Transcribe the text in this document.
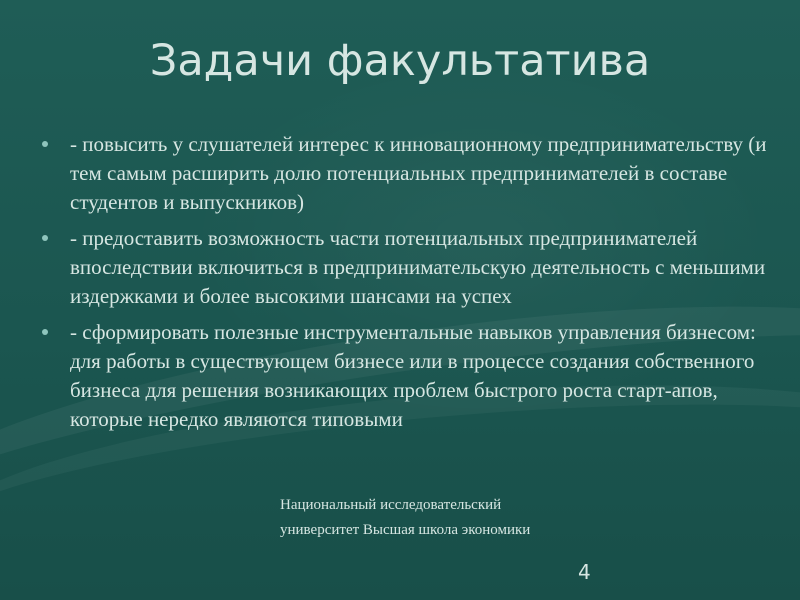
Задачи факультатива
- повысить у слушателей интерес к инновационному предпринимательству (и тем самым расширить долю потенциальных предпринимателей в составе студентов и выпускников)
- предоставить возможность части потенциальных предпринимателей впоследствии включиться в предпринимательскую деятельность с меньшими издержками и более высокими шансами на успех
- сформировать полезные инструментальные навыков управления бизнесом: для работы в существующем бизнесе или в процессе создания собственного бизнеса для решения возникающих проблем быстрого роста старт-апов, которые нередко являются типовыми
Национальный исследовательский университет Высшая школа экономики
4
